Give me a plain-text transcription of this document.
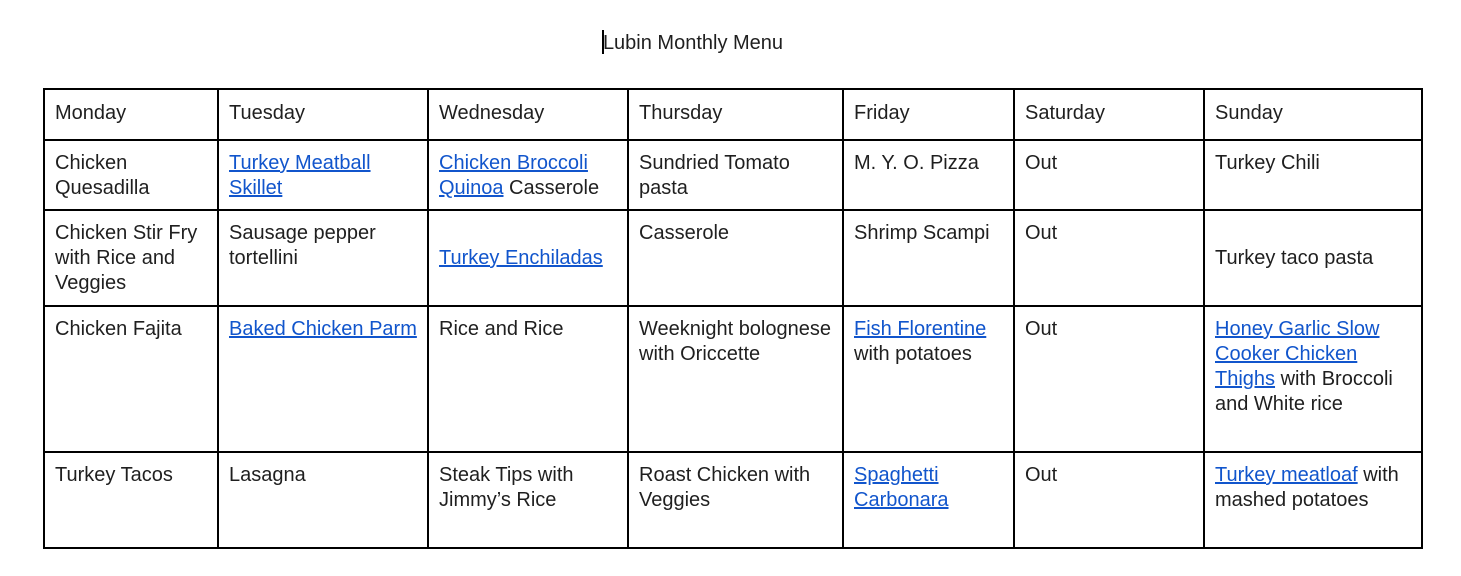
Lubin Monthly Menu
Monday	Tuesday	Wednesday	Thursday	Friday	Saturday	Sunday
Chicken Quesadilla	Turkey Meatball Skillet	Chicken Broccoli Quinoa Casserole	Sundried Tomato pasta	M. Y. O. Pizza	Out	Turkey Chili
Chicken Stir Fry with Rice and Veggies	Sausage pepper tortellini	Turkey Enchiladas	Casserole	Shrimp Scampi	Out	Turkey taco pasta
Chicken Fajita	Baked Chicken Parm	Rice and Rice	Weeknight bolognese with Oriccette	Fish Florentine with potatoes	Out	Honey Garlic Slow Cooker Chicken Thighs with Broccoli and White rice
Turkey Tacos	Lasagna	Steak Tips with Jimmy’s Rice	Roast Chicken with Veggies	Spaghetti Carbonara	Out	Turkey meatloaf with mashed potatoes
